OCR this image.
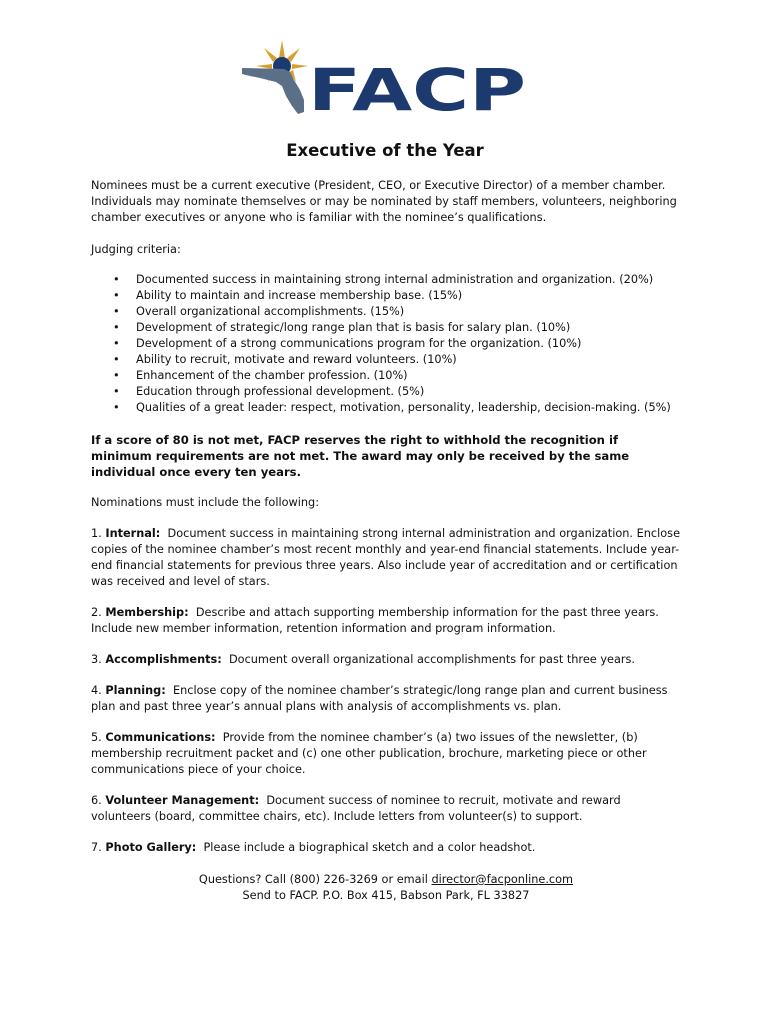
FACP
Executive of the Year

Nominees must be a current executive (President, CEO, or Executive Director) of a member chamber. Individuals may nominate themselves or may be nominated by staff members, volunteers, neighboring chamber executives or anyone who is familiar with the nominee’s qualifications.

Judging criteria:

• Documented success in maintaining strong internal administration and organization. (20%)
• Ability to maintain and increase membership base. (15%)
• Overall organizational accomplishments. (15%)
• Development of strategic/long range plan that is basis for salary plan. (10%)
• Development of a strong communications program for the organization. (10%)
• Ability to recruit, motivate and reward volunteers. (10%)
• Enhancement of the chamber profession. (10%)
• Education through professional development. (5%)
• Qualities of a great leader: respect, motivation, personality, leadership, decision-making. (5%)

If a score of 80 is not met, FACP reserves the right to withhold the recognition if minimum requirements are not met. The award may only be received by the same individual once every ten years.

Nominations must include the following:

1. Internal: Document success in maintaining strong internal administration and organization. Enclose copies of the nominee chamber’s most recent monthly and year-end financial statements. Include year-end financial statements for previous three years. Also include year of accreditation and or certification was received and level of stars.

2. Membership: Describe and attach supporting membership information for the past three years. Include new member information, retention information and program information.

3. Accomplishments: Document overall organizational accomplishments for past three years.

4. Planning: Enclose copy of the nominee chamber’s strategic/long range plan and current business plan and past three year’s annual plans with analysis of accomplishments vs. plan.

5. Communications: Provide from the nominee chamber’s (a) two issues of the newsletter, (b) membership recruitment packet and (c) one other publication, brochure, marketing piece or other communications piece of your choice.

6. Volunteer Management: Document success of nominee to recruit, motivate and reward volunteers (board, committee chairs, etc). Include letters from volunteer(s) to support.

7. Photo Gallery: Please include a biographical sketch and a color headshot.

Questions? Call (800) 226-3269 or email director@facponline.com

Send to FACP. P.O. Box 415, Babson Park, FL 33827
